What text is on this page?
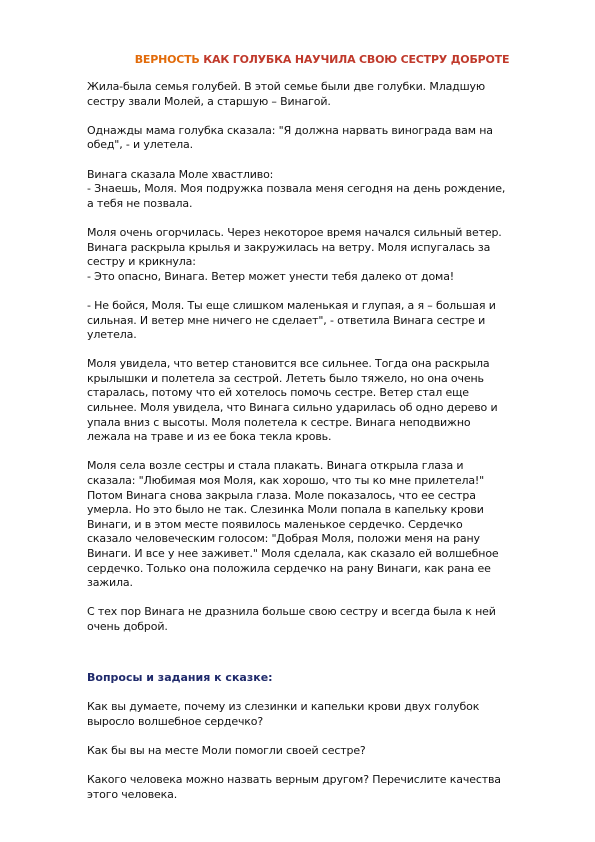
ВЕРНОСТЬ КАК ГОЛУБКА НАУЧИЛА СВОЮ СЕСТРУ ДОБРОТЕ
Жила-была семья голубей. В этой семье были две голубки. Младшую
сестру звали Молей, а старшую – Винагой.
Однажды мама голубка сказала: "Я должна нарвать винограда вам на
обед", - и улетела.
Винага сказала Моле хвастливо:
- Знаешь, Моля. Моя подружка позвала меня сегодня на день рождение,
а тебя не позвала.
Моля очень огорчилась. Через некоторое время начался сильный ветер.
Винага раскрыла крылья и закружилась на ветру. Моля испугалась за
сестру и крикнула:
- Это опасно, Винага. Ветер может унести тебя далеко от дома!
- Не бойся, Моля. Ты еще слишком маленькая и глупая, а я – большая и
сильная. И ветер мне ничего не сделает", - ответила Винага сестре и
улетела.
Моля увидела, что ветер становится все сильнее. Тогда она раскрыла
крылышки и полетела за сестрой. Лететь было тяжело, но она очень
старалась, потому что ей хотелось помочь сестре. Ветер стал еще
сильнее. Моля увидела, что Винага сильно ударилась об одно дерево и
упала вниз с высоты. Моля полетела к сестре. Винага неподвижно
лежала на траве и из ее бока текла кровь.
Моля села возле сестры и стала плакать. Винага открыла глаза и
сказала: "Любимая моя Моля, как хорошо, что ты ко мне прилетела!"
Потом Винага снова закрыла глаза. Моле показалось, что ее сестра
умерла. Но это было не так. Слезинка Моли попала в капельку крови
Винаги, и в этом месте появилось маленькое сердечко. Сердечко
сказало человеческим голосом: "Добрая Моля, положи меня на рану
Винаги. И все у нее заживет." Моля сделала, как сказало ей волшебное
сердечко. Только она положила сердечко на рану Винаги, как рана ее
зажила.
С тех пор Винага не дразнила больше свою сестру и всегда была к ней
очень доброй.
Вопросы и задания к сказке:
Как вы думаете, почему из слезинки и капельки крови двух голубок
выросло волшебное сердечко?
Как бы вы на месте Моли помогли своей сестре?
Какого человека можно назвать верным другом? Перечислите качества
этого человека.
